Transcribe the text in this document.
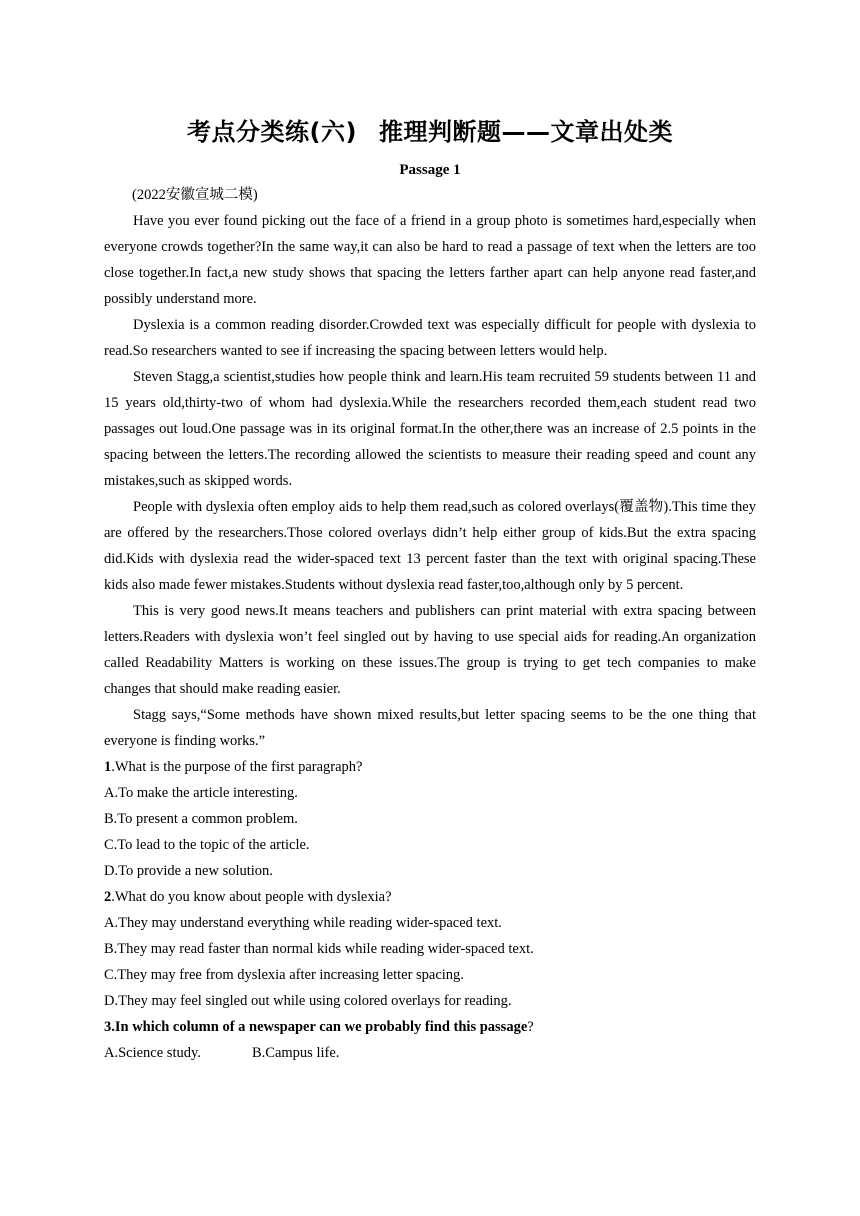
考点分类练(六) 推理判断题——文章出处类
Passage 1
(2022安徽宣城二模)

Have you ever found picking out the face of a friend in a group photo is sometimes hard,especially when everyone crowds together?In the same way,it can also be hard to read a passage of text when the letters are too close together.In fact,a new study shows that spacing the letters farther apart can help anyone read faster,and possibly understand more.

Dyslexia is a common reading disorder.Crowded text was especially difficult for people with dyslexia to read.So researchers wanted to see if increasing the spacing between letters would help.

Steven Stagg,a scientist,studies how people think and learn.His team recruited 59 students between 11 and 15 years old,thirty-two of whom had dyslexia.While the researchers recorded them,each student read two passages out loud.One passage was in its original format.In the other,there was an increase of 2.5 points in the spacing between the letters.The recording allowed the scientists to measure their reading speed and count any mistakes,such as skipped words.

People with dyslexia often employ aids to help them read,such as colored overlays(覆盖物).This time they are offered by the researchers.Those colored overlays didn’t help either group of kids.But the extra spacing did.Kids with dyslexia read the wider-spaced text 13 percent faster than the text with original spacing.These kids also made fewer mistakes.Students without dyslexia read faster,too,although only by 5 percent.

This is very good news.It means teachers and publishers can print material with extra spacing between letters.Readers with dyslexia won’t feel singled out by having to use special aids for reading.An organization called Readability Matters is working on these issues.The group is trying to get tech companies to make changes that should make reading easier.

Stagg says,“Some methods have shown mixed results,but letter spacing seems to be the one thing that everyone is finding works.”

1.What is the purpose of the first paragraph?

A.To make the article interesting.

B.To present a common problem.

C.To lead to the topic of the article.

D.To provide a new solution.

2.What do you know about people with dyslexia?

A.They may understand everything while reading wider-spaced text.

B.They may read faster than normal kids while reading wider-spaced text.

C.They may free from dyslexia after increasing letter spacing.

D.They may feel singled out while using colored overlays for reading.

3.In which column of a newspaper can we probably find this passage?

A.Science study.	B.Campus life.
